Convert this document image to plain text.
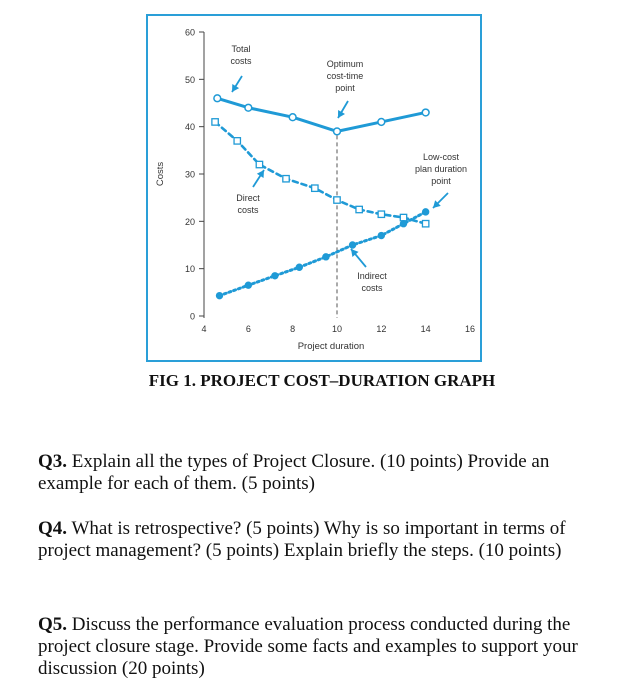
0
10
20
30
40
50
60
4	6	8	10	12	14	16
Project duration
Costs
Total
costs	Optimum
cost-time
point
Low-cost
plan duration
point
Direct
costs
Indirect
costs
FIG 1. PROJECT COST–DURATION GRAPH
Q3. Explain all the types of Project Closure. (10 points) Provide an example for each of them. (5 points)
Q4. What is retrospective? (5 points) Why is so important in terms of project management? (5 points) Explain briefly the steps. (10 points)
Q5. Discuss the performance evaluation process conducted during the project closure stage. Provide some facts and examples to support your discussion (20 points)
